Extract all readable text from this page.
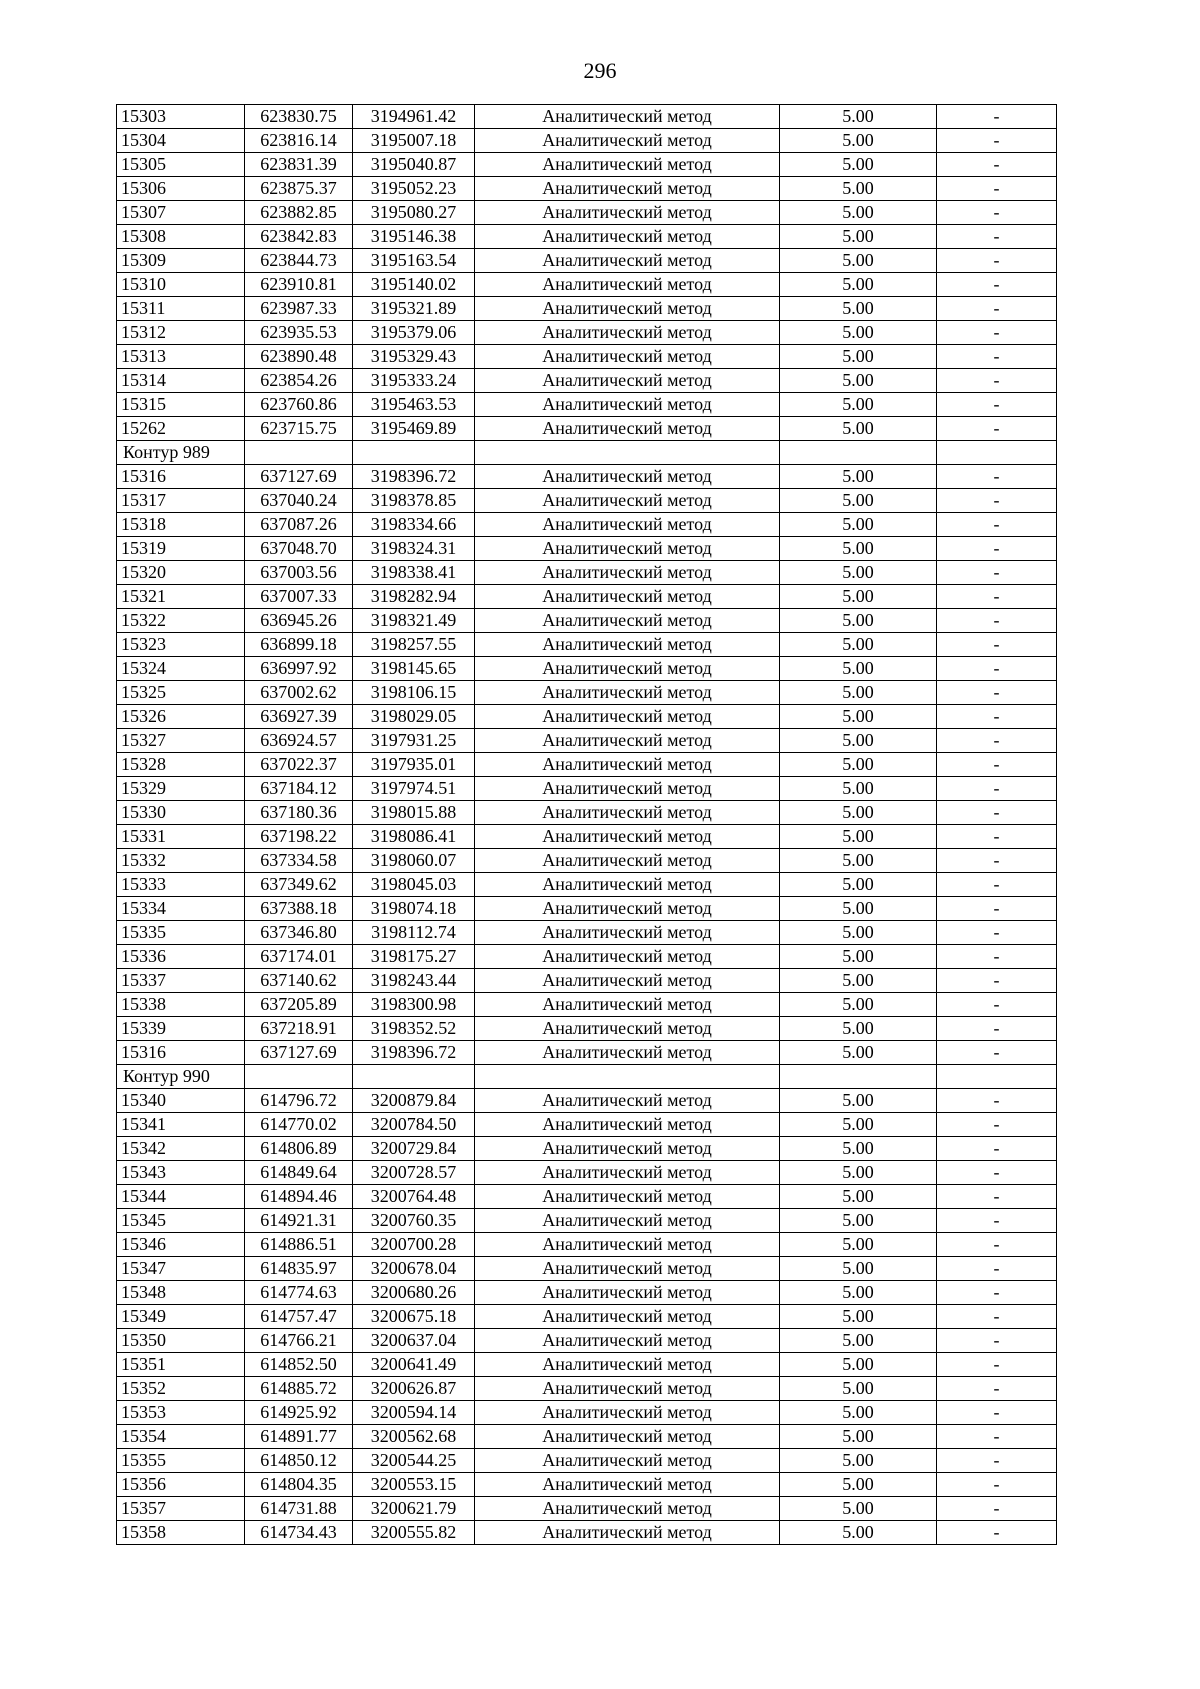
296
15303	623830.75	3194961.42	Аналитический метод	5.00	-
15304	623816.14	3195007.18	Аналитический метод	5.00	-
15305	623831.39	3195040.87	Аналитический метод	5.00	-
15306	623875.37	3195052.23	Аналитический метод	5.00	-
15307	623882.85	3195080.27	Аналитический метод	5.00	-
15308	623842.83	3195146.38	Аналитический метод	5.00	-
15309	623844.73	3195163.54	Аналитический метод	5.00	-
15310	623910.81	3195140.02	Аналитический метод	5.00	-
15311	623987.33	3195321.89	Аналитический метод	5.00	-
15312	623935.53	3195379.06	Аналитический метод	5.00	-
15313	623890.48	3195329.43	Аналитический метод	5.00	-
15314	623854.26	3195333.24	Аналитический метод	5.00	-
15315	623760.86	3195463.53	Аналитический метод	5.00	-
15262	623715.75	3195469.89	Аналитический метод	5.00	-
Контур 989					
15316	637127.69	3198396.72	Аналитический метод	5.00	-
15317	637040.24	3198378.85	Аналитический метод	5.00	-
15318	637087.26	3198334.66	Аналитический метод	5.00	-
15319	637048.70	3198324.31	Аналитический метод	5.00	-
15320	637003.56	3198338.41	Аналитический метод	5.00	-
15321	637007.33	3198282.94	Аналитический метод	5.00	-
15322	636945.26	3198321.49	Аналитический метод	5.00	-
15323	636899.18	3198257.55	Аналитический метод	5.00	-
15324	636997.92	3198145.65	Аналитический метод	5.00	-
15325	637002.62	3198106.15	Аналитический метод	5.00	-
15326	636927.39	3198029.05	Аналитический метод	5.00	-
15327	636924.57	3197931.25	Аналитический метод	5.00	-
15328	637022.37	3197935.01	Аналитический метод	5.00	-
15329	637184.12	3197974.51	Аналитический метод	5.00	-
15330	637180.36	3198015.88	Аналитический метод	5.00	-
15331	637198.22	3198086.41	Аналитический метод	5.00	-
15332	637334.58	3198060.07	Аналитический метод	5.00	-
15333	637349.62	3198045.03	Аналитический метод	5.00	-
15334	637388.18	3198074.18	Аналитический метод	5.00	-
15335	637346.80	3198112.74	Аналитический метод	5.00	-
15336	637174.01	3198175.27	Аналитический метод	5.00	-
15337	637140.62	3198243.44	Аналитический метод	5.00	-
15338	637205.89	3198300.98	Аналитический метод	5.00	-
15339	637218.91	3198352.52	Аналитический метод	5.00	-
15316	637127.69	3198396.72	Аналитический метод	5.00	-
Контур 990					
15340	614796.72	3200879.84	Аналитический метод	5.00	-
15341	614770.02	3200784.50	Аналитический метод	5.00	-
15342	614806.89	3200729.84	Аналитический метод	5.00	-
15343	614849.64	3200728.57	Аналитический метод	5.00	-
15344	614894.46	3200764.48	Аналитический метод	5.00	-
15345	614921.31	3200760.35	Аналитический метод	5.00	-
15346	614886.51	3200700.28	Аналитический метод	5.00	-
15347	614835.97	3200678.04	Аналитический метод	5.00	-
15348	614774.63	3200680.26	Аналитический метод	5.00	-
15349	614757.47	3200675.18	Аналитический метод	5.00	-
15350	614766.21	3200637.04	Аналитический метод	5.00	-
15351	614852.50	3200641.49	Аналитический метод	5.00	-
15352	614885.72	3200626.87	Аналитический метод	5.00	-
15353	614925.92	3200594.14	Аналитический метод	5.00	-
15354	614891.77	3200562.68	Аналитический метод	5.00	-
15355	614850.12	3200544.25	Аналитический метод	5.00	-
15356	614804.35	3200553.15	Аналитический метод	5.00	-
15357	614731.88	3200621.79	Аналитический метод	5.00	-
15358	614734.43	3200555.82	Аналитический метод	5.00	-
